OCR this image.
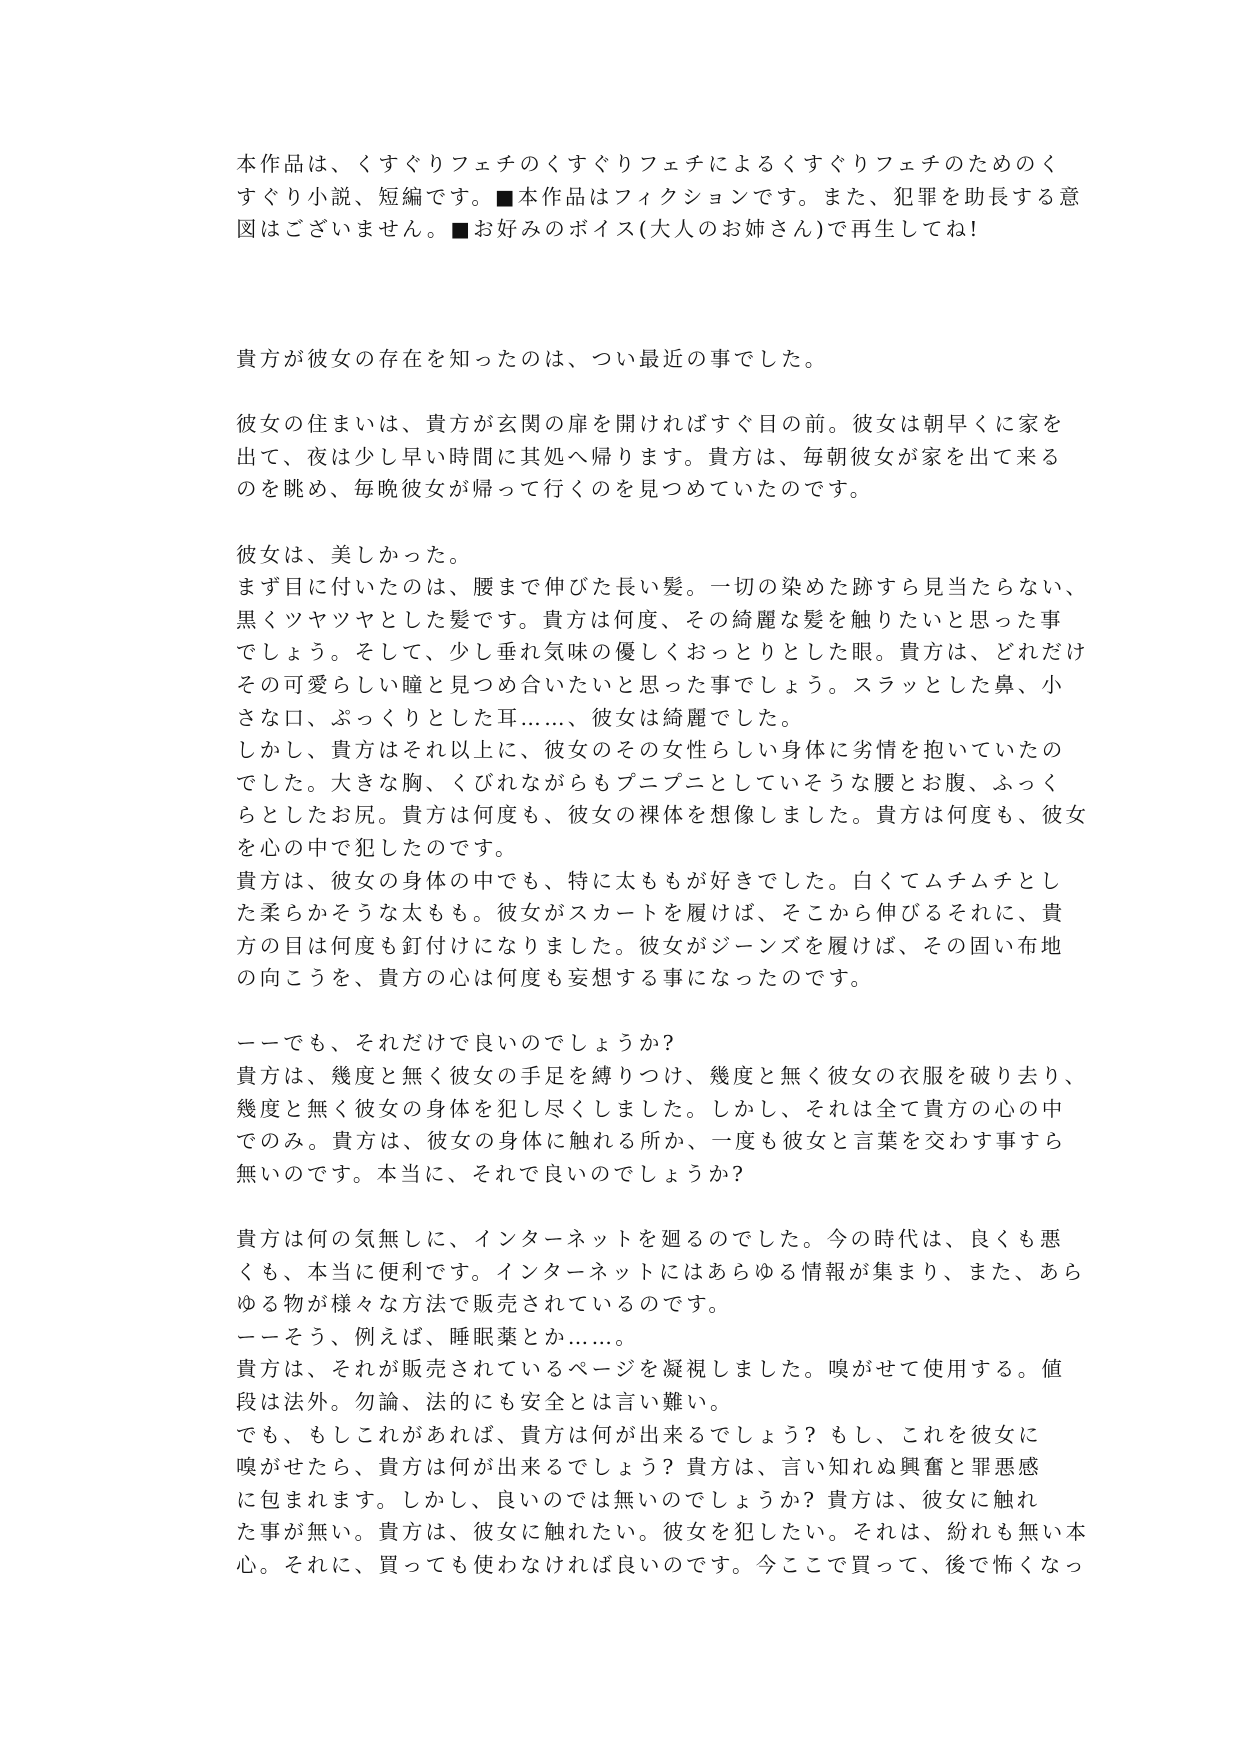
本作品は、くすぐりフェチのくすぐりフェチによるくすぐりフェチのためのく
すぐり小説、短編です。■本作品はフィクションです。また、犯罪を助長する意
図はございません。■お好みのボイス(大人のお姉さん)で再生してね!
貴方が彼女の存在を知ったのは、つい最近の事でした。
彼女の住まいは、貴方が玄関の扉を開ければすぐ目の前。彼女は朝早くに家を
出て、夜は少し早い時間に其処へ帰ります。貴方は、毎朝彼女が家を出て来る
のを眺め、毎晩彼女が帰って行くのを見つめていたのです。
彼女は、美しかった。
まず目に付いたのは、腰まで伸びた長い髪。一切の染めた跡すら見当たらない、
黒くツヤツヤとした髪です。貴方は何度、その綺麗な髪を触りたいと思った事
でしょう。そして、少し垂れ気味の優しくおっとりとした眼。貴方は、どれだけ
その可愛らしい瞳と見つめ合いたいと思った事でしょう。スラッとした鼻、小
さな口、ぷっくりとした耳……、彼女は綺麗でした。
しかし、貴方はそれ以上に、彼女のその女性らしい身体に劣情を抱いていたの
でした。大きな胸、くびれながらもプニプニとしていそうな腰とお腹、ふっく
らとしたお尻。貴方は何度も、彼女の裸体を想像しました。貴方は何度も、彼女
を心の中で犯したのです。
貴方は、彼女の身体の中でも、特に太ももが好きでした。白くてムチムチとし
た柔らかそうな太もも。彼女がスカートを履けば、そこから伸びるそれに、貴
方の目は何度も釘付けになりました。彼女がジーンズを履けば、その固い布地
の向こうを、貴方の心は何度も妄想する事になったのです。
ーーでも、それだけで良いのでしょうか?
貴方は、幾度と無く彼女の手足を縛りつけ、幾度と無く彼女の衣服を破り去り、
幾度と無く彼女の身体を犯し尽くしました。しかし、それは全て貴方の心の中
でのみ。貴方は、彼女の身体に触れる所か、一度も彼女と言葉を交わす事すら
無いのです。本当に、それで良いのでしょうか?
貴方は何の気無しに、インターネットを廻るのでした。今の時代は、良くも悪
くも、本当に便利です。インターネットにはあらゆる情報が集まり、また、あら
ゆる物が様々な方法で販売されているのです。
ーーそう、例えば、睡眠薬とか……。
貴方は、それが販売されているページを凝視しました。嗅がせて使用する。値
段は法外。勿論、法的にも安全とは言い難い。
でも、もしこれがあれば、貴方は何が出来るでしょう? もし、これを彼女に
嗅がせたら、貴方は何が出来るでしょう? 貴方は、言い知れぬ興奮と罪悪感
に包まれます。しかし、良いのでは無いのでしょうか? 貴方は、彼女に触れ
た事が無い。貴方は、彼女に触れたい。彼女を犯したい。それは、紛れも無い本
心。それに、買っても使わなければ良いのです。今ここで買って、後で怖くなっ
